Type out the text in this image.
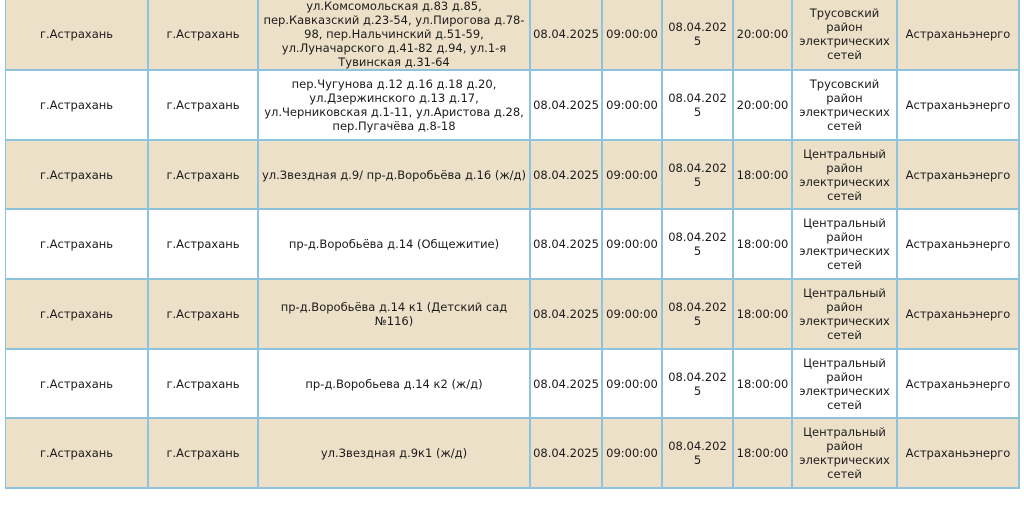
г.Астрахань	г.Астрахань	ул.Комсомольская д.83 д.85, пер.Кавказский д.23-54, ул.Пирогова д.78-98, пер.Нальчинский д.51-59, ул.Луначарского д.41-82 д.94, ул.1-я Тувинская д.31-64	08.04.2025	09:00:00	08.04.2025	20:00:00	Трусовский район электрических сетей	Астраханьэнерго
г.Астрахань	г.Астрахань	пер.Чугунова д.12 д.16 д.18 д.20, ул.Дзержинского д.13 д.17, ул.Черниковская д.1-11, ул.Аристова д.28, пер.Пугачёва д.8-18	08.04.2025	09:00:00	08.04.2025	20:00:00	Трусовский район электрических сетей	Астраханьэнерго
г.Астрахань	г.Астрахань	ул.Звездная д.9/ пр-д.Воробьёва д.16 (ж/д)	08.04.2025	09:00:00	08.04.2025	18:00:00	Центральный район электрических сетей	Астраханьэнерго
г.Астрахань	г.Астрахань	пр-д.Воробьёва д.14 (Общежитие)	08.04.2025	09:00:00	08.04.2025	18:00:00	Центральный район электрических сетей	Астраханьэнерго
г.Астрахань	г.Астрахань	пр-д.Воробьёва д.14 к1 (Детский сад №116)	08.04.2025	09:00:00	08.04.2025	18:00:00	Центральный район электрических сетей	Астраханьэнерго
г.Астрахань	г.Астрахань	пр-д.Воробьева д.14 к2 (ж/д)	08.04.2025	09:00:00	08.04.2025	18:00:00	Центральный район электрических сетей	Астраханьэнерго
г.Астрахань	г.Астрахань	ул.Звездная д.9к1 (ж/д)	08.04.2025	09:00:00	08.04.2025	18:00:00	Центральный район электрических сетей	Астраханьэнерго
